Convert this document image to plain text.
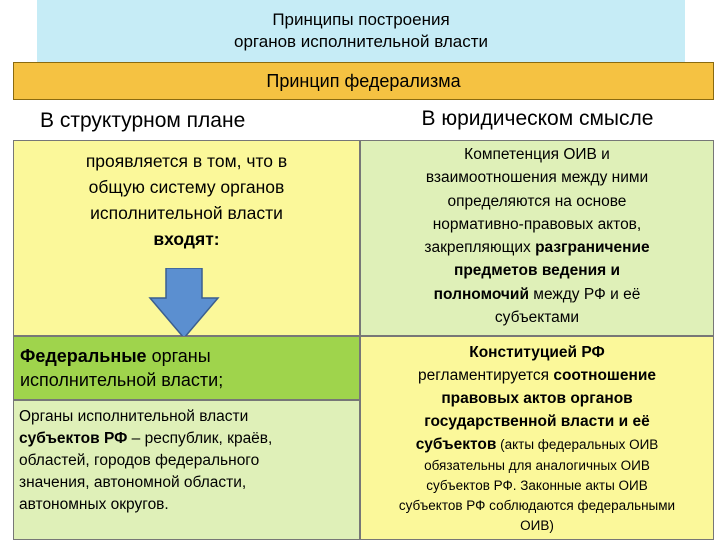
Принципы построения
органов исполнительной власти
Принцип федерализма
В структурном плане	В юридическом смысле
проявляется в том, что в
общую систему органов
исполнительной власти
входят:
Федеральные органы
исполнительной власти;
Органы исполнительной власти
субъектов РФ – республик, краёв,
областей, городов федерального
значения, автономной области,
автономных округов.
Компетенция ОИВ и
взаимоотношения между ними
определяются на основе
нормативно-правовых актов,
закрепляющих разграничение
предметов ведения и
полномочий между РФ и её
субъектами
Конституцией РФ
регламентируется соотношение
правовых актов органов
государственной власти и её
субъектов (акты федеральных ОИВ
обязательны для аналогичных ОИВ
субъектов РФ. Законные акты ОИВ
субъектов РФ соблюдаются федеральными
ОИВ)
